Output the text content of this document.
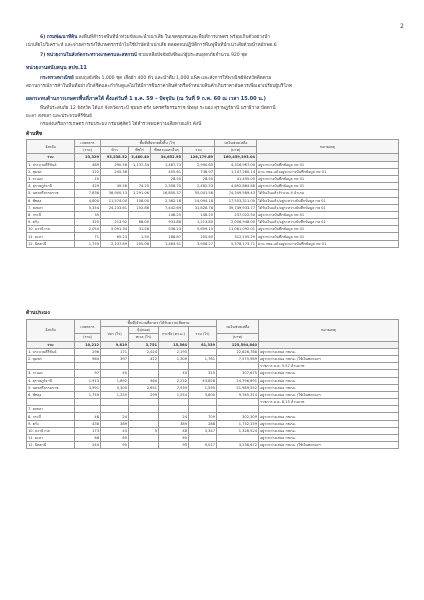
2
6) กรมพัฒนาที่ดิน ลงพื้นที่สำรวจพื้นที่น้ำท่วมขังและน้ำเน่าเสีย ในเขตชุมชนและพื้นที่การเกษตร พร้อมเก็บตัวอย่างน้ำ
เน่าเสียไปวิเคราะห์ และจ่ายสารเร่งให้เกษตรกรนำไปใช้บำบัดน้ำเน่าเสีย ตลอดจนปฏิบัติการพื้นฟูพื้นที่น้ำเน่าเสียด้วยน้ำหมักพด.6
7) หน่วยงานในสังกัดกระทรวงเกษตรและสหกรณ์ ช่วยเหลือปัจจัยยังชีพแก่ผู้ประสบอุทกภัยจำนวน 920 ชุด
หน่วยงานสนับสนุน สปข.11
กระทรวงพาณิชย์ มอบถุงยังชีพ 1,000 ชุด เสื้อผ้า 400 ตัว และน้ำดื่ม 1,000 แพ็ค และสั่งการให้พาณิชย์จังหวัดติดตาม
สถานการณ์การค้าในพื้นที่อย่างใกล้ชิดและกำกับดูแลไม่ให้มีการขึ้นราคาสินค้าหรือจำหน่ายสินค้าเกินราคาอันควรเพื่อเอาเปรียบผู้บริโภค
ผลกระทบด้านการเกษตรพื้นที่ภาคใต้ ตั้งแต่วันที่ 1 ธ.ค. 59 – ปัจจุบัน (ณ วันที่ 9 ก.พ. 60 ณ เวลา 15.00 น.)
พื้นที่ประสบภัย 12 จังหวัด ได้แก่ จังหวัดกระบี่ ชุมพร ตรัง นครศรีธรรมราช พัทลุง ระนอง สุราษฎร์ธานี นราธิวาส ปัตตานี
ยะลา สงขลา และประจวบคีรีขันธ์
กรมส่งเสริมการเกษตร กรมประมง กรมปศุสัตว์ ได้สำรวจพบความเสียหายแล้ว ดังนี้
ด้านพืช
จังหวัด	เกษตรกร	พื้นที่เสียหายทั้งสิ้น (ไร่)				วงเงินช่วยเหลือ	หมายเหตุ
	(ราย)	ข้าว	พืชไร่	พืชสวนและอื่นๆ	รวม	(บาท)	
รวม	23,329	93,238.32	3,480.40	34,652.95	126,179.69	160,459,393.04	
1. ประจวบคีรีขันธ์	489	290.58	1,137.34	1,487.73	2,990.65	4,316,967.00	อยู่ระหว่างบันทึกข้อมูล กษ 01
2. ชุมพร	222	245.36		455.61	738.97	1,107,280.14	ผ่าน กษอ.แล้วอยู่ระหว่างบันทึกข้อมูล กษ 01
3. ระนอง	15			28.50	28.50	41,455.00	อยู่ระหว่างบันทึกข้อมูล กษ 01
4. สุราษฎร์ธานี	429	49.58	74.25	2,358.70	2,482.53	4,892,864.68	อยู่ระหว่างบันทึกข้อมูล กษ 01
5. นครศรีธรรมราช	7,836	36,900.13	1,291.06	16,850.37	55,041.56	74,349,589.43	ได้รับเงินแล้วจำนวน 4 อำเภอ
6. พัทลุง	4,800	11,574.00	158.00	2,362.18	14,094.18	17,553,311.00	ได้รับเงินแล้ว/อยู่ระหว่างบันทึกข้อมูล กษ 01
7. สงขลา	5,354	24,233.61	152.88	7,442.69	31,828.78	39,749,933.77	ได้รับเงินแล้ว/อยู่ระหว่างบันทึกข้อมูล กษ 01
8. กระบี่	35			148.25	148.25	237,022.50	อยู่ระหว่างบันทึกข้อมูล กษ 01
9. ตรัง	325	213.92	68.00	931.88	1,213.80	2,056,948.00	ได้รับเงินแล้ว/อยู่ระหว่างบันทึกข้อมูล กษ 01
10. นราธิวาส	2,054	5,091.34	31.58	536.23	5,659.15	11,061,092.01	อยู่ระหว่างบันทึกข้อมูล กษ 01
11. ยะลา	71	65.23	1.50	188.87	255.60	312,155.29	อยู่ระหว่างบันทึกข้อมูล กษ 01
12. ปัตตานี	1,759	2,237.89	255.08	1,463.51	3,956.27	5,378,173.71	ผ่าน กษอ.แล้วอยู่ระหว่างบันทึกข้อมูล กษ 01
ด้านประมง
จังหวัด	เกษตรกร	พื้นที่/จำนวนที่คาดว่าได้รับความเสียหาย				วงเงินช่วยเหลือ	หมายเหตุ
		ปลา (ไร่)	กุ้ง/หอย/	กระชัง (ตร.ม.)	รวม (ไร่)		
	(ราย)		ทะเล (ไร่)			(บาท)	
รวม	10,212	9,819	3,751	15,564	61,339	125,594,840	
1. ประจวบคีรีขันธ์	296	171	2,024	2,195		22,826,788	อยู่ระหว่างเสนอ กชภอ.
2. ชุมพร	964	397	412	1,309	1,761	7,575,969	อยู่ระหว่างเสนอ กชภอ. (ใช้เงินทดรองฯ
							ราชการ ม.ค. 5.57 ล้านบาท
3. ระนอง	97	40		40	315	207,675	อยู่ระหว่างเสนอ กชภอ.
4. สุราษฎร์ธานี	1,913	1,892	560	2,252	43,828	24,796,891	อยู่ระหว่างเสนอ กชภอ.
5. นครศรีธรรมราช	3,991	5,300	2,651	7,939	1,595	51,989,552	อยู่ระหว่างเสนอ กชภอ.
6. พัทลุง	1,759	1,255	299	1,554	3,800	9,765,314	อยู่ระหว่างเสนอ กชภอ. (ใช้เงินทดรองฯ
							ราชการ ม.ค. 8.15 ล้านบาท
7. สงขลา							
8. กระบี่	48	24		24	709	302,309	อยู่ระหว่างเสนอ กชภอ.
9. ตรัง	438	389		389	288	1,732,159	อยู่ระหว่างเสนอ กชภอ.
10. นราธิวาส	173	43	5	48	3,347	1,328,524	อยู่ระหว่างเสนอ กชภอ.
11. ยะลา	68	65		65			อยู่ระหว่างเสนอ กชภอ.
12. ปัตตานี	244	95		95	9,017	3,238,672	อยู่ระหว่างเสนอ กชภอ. (ใช้เงินทดรองฯ
